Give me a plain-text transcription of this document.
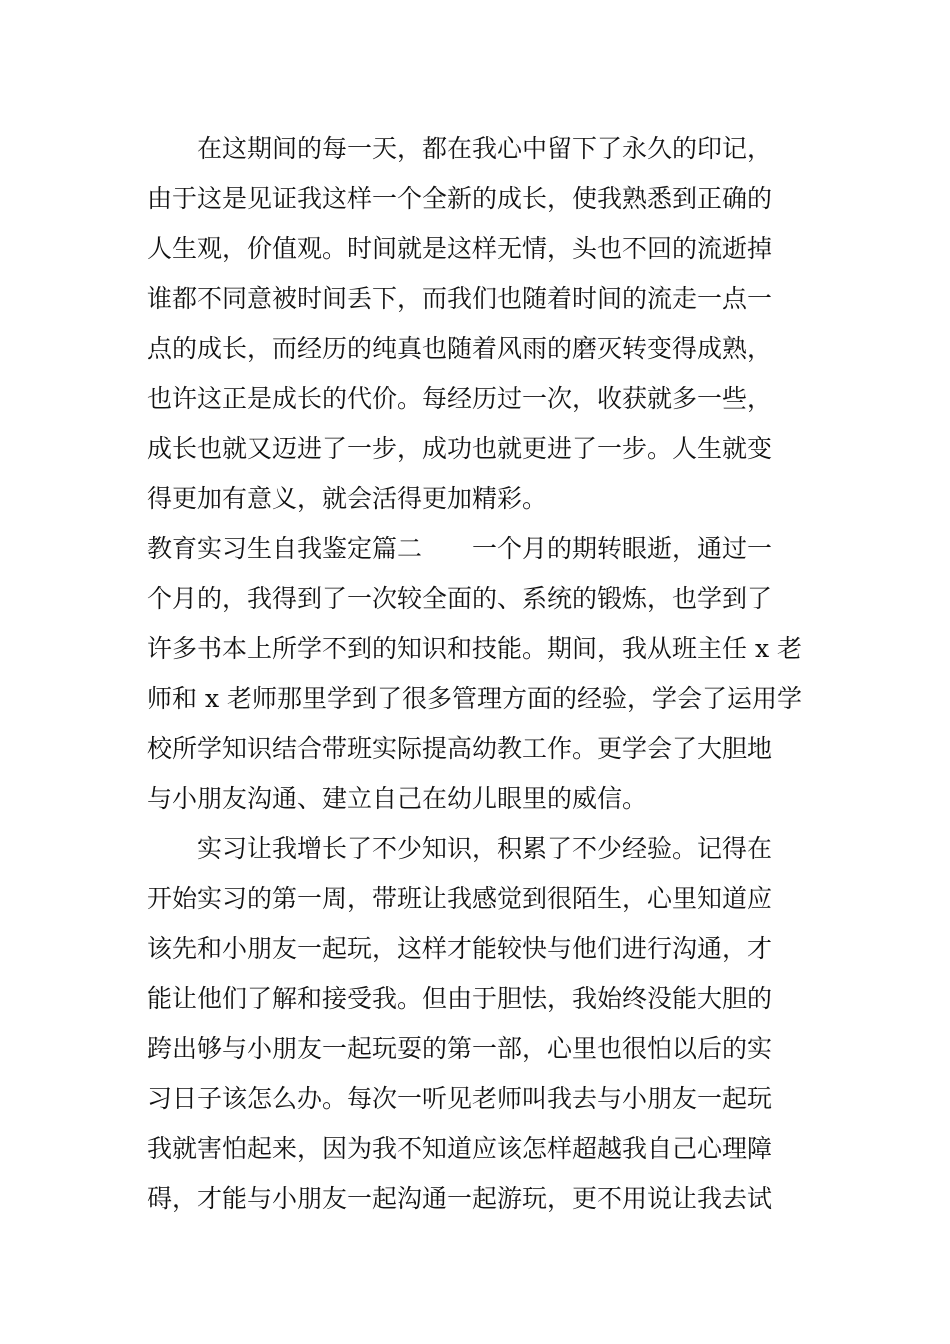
在这期间的每一天，都在我心中留下了永久的印记，
由于这是见证我这样一个全新的成长，使我熟悉到正确的
人生观，价值观。时间就是这样无情，头也不回的流逝掉
谁都不同意被时间丢下，而我们也随着时间的流走一点一
点的成长，而经历的纯真也随着风雨的磨灭转变得成熟，
也许这正是成长的代价。每经历过一次，收获就多一些，
成长也就又迈进了一步，成功也就更进了一步。人生就变
得更加有意义，就会活得更加精彩。
教育实习生自我鉴定篇二　　一个月的期转眼逝，通过一
个月的，我得到了一次较全面的、系统的锻炼，也学到了
许多书本上所学不到的知识和技能。期间，我从班主任 x 老
师和 x 老师那里学到了很多管理方面的经验，学会了运用学
校所学知识结合带班实际提高幼教工作。更学会了大胆地
与小朋友沟通、建立自己在幼儿眼里的威信。
实习让我增长了不少知识，积累了不少经验。记得在
开始实习的第一周，带班让我感觉到很陌生，心里知道应
该先和小朋友一起玩，这样才能较快与他们进行沟通，才
能让他们了解和接受我。但由于胆怯，我始终没能大胆的
跨出够与小朋友一起玩耍的第一部，心里也很怕以后的实
习日子该怎么办。每次一听见老师叫我去与小朋友一起玩
我就害怕起来，因为我不知道应该怎样超越我自己心理障
碍，才能与小朋友一起沟通一起游玩，更不用说让我去试
